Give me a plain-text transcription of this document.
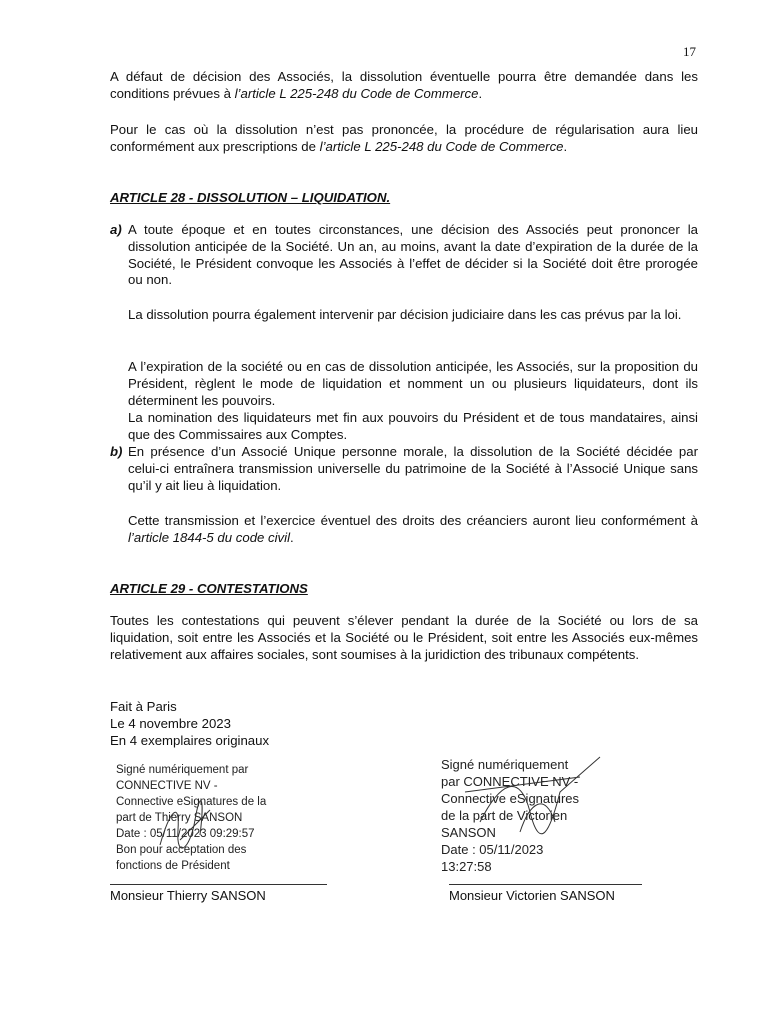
17
A défaut de décision des Associés, la dissolution éventuelle pourra être demandée dans les conditions prévues à l’article L 225-248 du Code de Commerce.
Pour le cas où la dissolution n’est pas prononcée, la procédure de régularisation aura lieu conformément aux prescriptions de l’article L 225-248 du Code de Commerce.
ARTICLE 28 - DISSOLUTION – LIQUIDATION.
a) A toute époque et en toutes circonstances, une décision des Associés peut prononcer la dissolution anticipée de la Société. Un an, au moins, avant la date d’expiration de la durée de la Société, le Président convoque les Associés à l’effet de décider si la Société doit être prorogée ou non.
La dissolution pourra également intervenir par décision judiciaire dans les cas prévus par la loi.
A l’expiration de la société ou en cas de dissolution anticipée, les Associés, sur la proposition du Président, règlent le mode de liquidation et nomment un ou plusieurs liquidateurs, dont ils déterminent les pouvoirs.
La nomination des liquidateurs met fin aux pouvoirs du Président et de tous mandataires, ainsi que des Commissaires aux Comptes.
b) En présence d’un Associé Unique personne morale, la dissolution de la Société décidée par celui-ci entraînera transmission universelle du patrimoine de la Société à l’Associé Unique sans qu’il y ait lieu à liquidation.
Cette transmission et l’exercice éventuel des droits des créanciers auront lieu conformément à l’article 1844-5 du code civil.
ARTICLE 29 - CONTESTATIONS
Toutes les contestations qui peuvent s’élever pendant la durée de la Société ou lors de sa liquidation, soit entre les Associés et la Société ou le Président, soit entre les Associés eux-mêmes relativement aux affaires sociales, sont soumises à la juridiction des tribunaux compétents.
Fait à Paris
Le 4 novembre 2023
En 4 exemplaires originaux
Signé numériquement par
CONNECTIVE NV -
Connective eSignatures de la
part de Thierry SANSON
Date : 05/11/2023 09:29:57
Bon pour acceptation des
fonctions de Président
Monsieur Thierry SANSON
Signé numériquement
par CONNECTIVE NV -
Connective eSignatures
de la part de Victorien
SANSON
Date : 05/11/2023
13:27:58
Monsieur Victorien SANSON
